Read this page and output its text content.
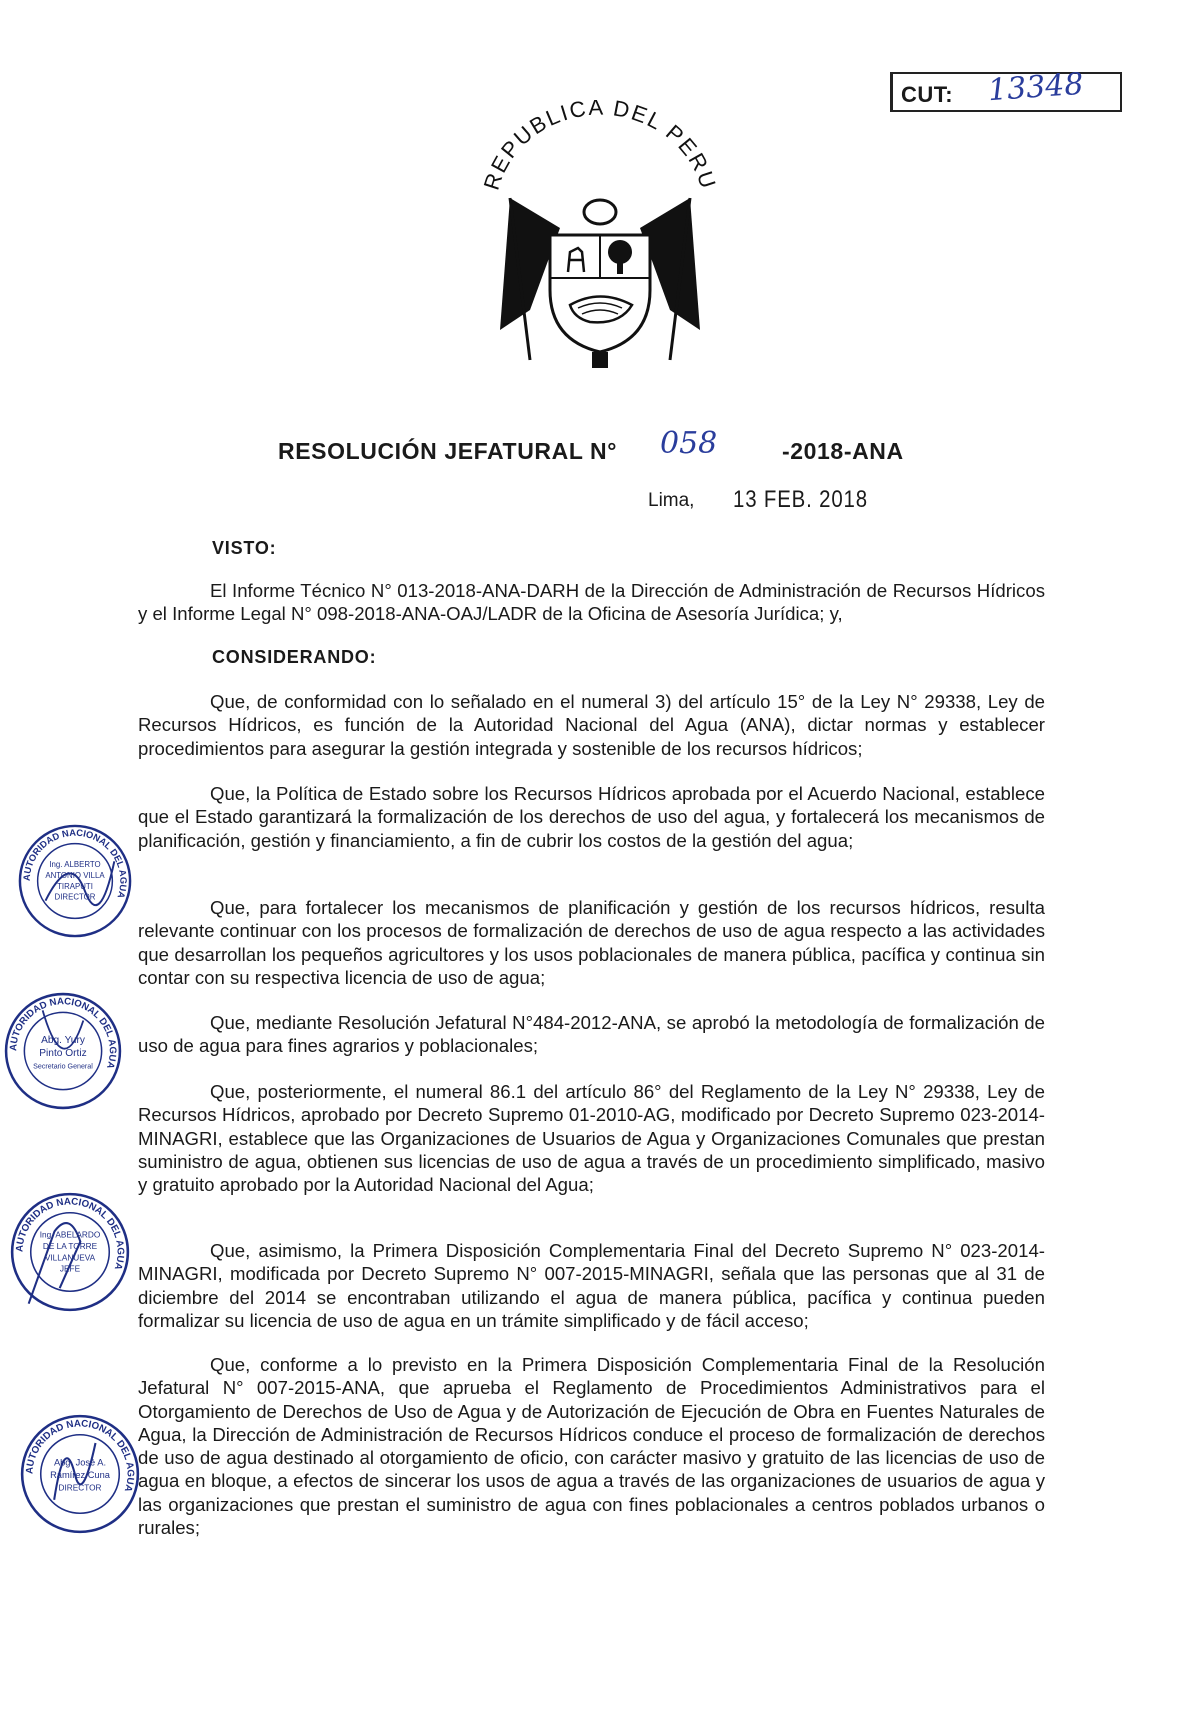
CUT: 13348
REPUBLICA DEL PERU
RESOLUCIÓN JEFATURAL N° 058	-2018-ANA
Lima, 13 FEB. 2018
VISTO:

El Informe Técnico N° 013-2018-ANA-DARH de la Dirección de Administración de Recursos Hídricos y el Informe Legal N° 098-2018-ANA-OAJ/LADR de la Oficina de Asesoría Jurídica; y,

CONSIDERANDO:

Que, de conformidad con lo señalado en el numeral 3) del artículo 15° de la Ley N° 29338, Ley de Recursos Hídricos, es función de la Autoridad Nacional del Agua (ANA), dictar normas y establecer procedimientos para asegurar la gestión integrada y sostenible de los recursos hídricos;

Que, la Política de Estado sobre los Recursos Hídricos aprobada por el Acuerdo Nacional, establece que el Estado garantizará la formalización de los derechos de uso del agua, y fortalecerá los mecanismos de planificación, gestión y financiamiento, a fin de cubrir los costos de la gestión del agua;

Que, para fortalecer los mecanismos de planificación y gestión de los recursos hídricos, resulta relevante continuar con los procesos de formalización de derechos de uso de agua respecto a las actividades que desarrollan los pequeños agricultores y los usos poblacionales de manera pública, pacífica y continua sin contar con su respectiva licencia de uso de agua;

Que, mediante Resolución Jefatural N°484-2012-ANA, se aprobó la metodología de formalización de uso de agua para fines agrarios y poblacionales;

Que, posteriormente, el numeral 86.1 del artículo 86° del Reglamento de la Ley N° 29338, Ley de Recursos Hídricos, aprobado por Decreto Supremo 01-2010-AG, modificado por Decreto Supremo 023-2014-MINAGRI, establece que las Organizaciones de Usuarios de Agua y Organizaciones Comunales que prestan suministro de agua, obtienen sus licencias de uso de agua a través de un procedimiento simplificado, masivo y gratuito aprobado por la Autoridad Nacional del Agua;

Que, asimismo, la Primera Disposición Complementaria Final del Decreto Supremo N° 023-2014-MINAGRI, modificada por Decreto Supremo N° 007-2015-MINAGRI, señala que las personas que al 31 de diciembre del 2014 se encontraban utilizando el agua de manera pública, pacífica y continua pueden formalizar su licencia de uso de agua en un trámite simplificado y de fácil acceso;

Que, conforme a lo previsto en la Primera Disposición Complementaria Final de la Resolución Jefatural N° 007-2015-ANA, que aprueba el Reglamento de Procedimientos Administrativos para el Otorgamiento de Derechos de Uso de Agua y de Autorización de Ejecución de Obra en Fuentes Naturales de Agua, la Dirección de Administración de Recursos Hídricos conduce el proceso de formalización de derechos de uso de agua destinado al otorgamiento de oficio, con carácter masivo y gratuito de las licencias de uso de agua en bloque, a efectos de sincerar los usos de agua a través de las organizaciones de usuarios de agua y las organizaciones que prestan el suministro de agua con fines poblacionales a centros poblados urbanos o rurales;

AUTORIDAD NACIONAL DEL AGUA
Ing. ALBERTO
ANTONIO VILLA
TIRAPUTI
DIRECTOR
AUTORIDAD NACIONAL DEL AGUA
Abg. Yury
Pinto Ortiz
Secretario General
AUTORIDAD NACIONAL DEL AGUA
Ing. ABELARDO
DE LA TORRE
VILLANUEVA
JEFE
AUTORIDAD NACIONAL DEL AGUA
Abg. José A.
Ramírez Cuna
DIRECTOR
